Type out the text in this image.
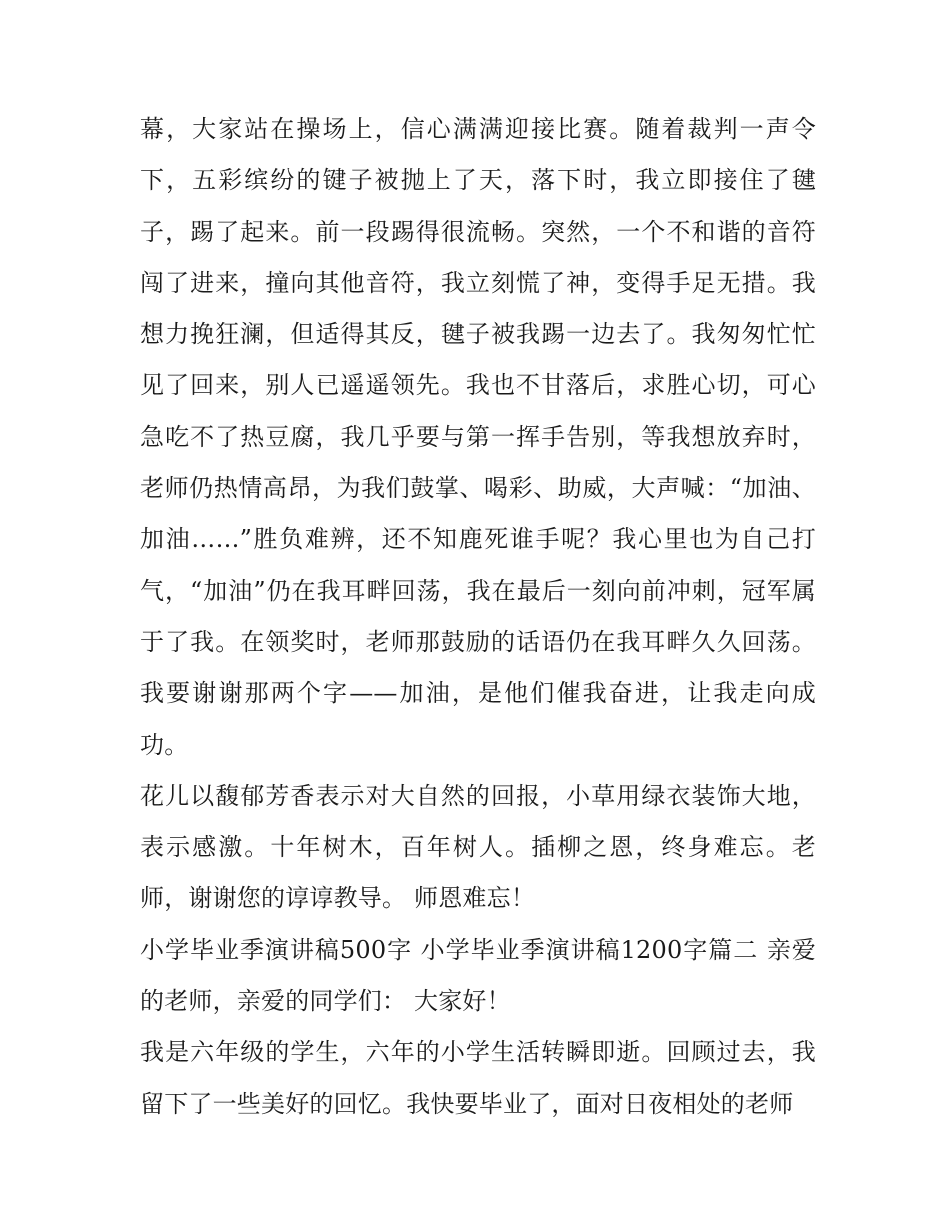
幕，大家站在操场上，信心满满迎接比赛。随着裁判一声令下，五彩缤纷的键子被抛上了天，落下时，我立即接住了毽子，踢了起来。前一段踢得很流畅。突然，一个不和谐的音符闯了进来，撞向其他音符，我立刻慌了神，变得手足无措。我想力挽狂澜，但适得其反，毽子被我踢一边去了。我匆匆忙忙见了回来，别人已遥遥领先。我也不甘落后，求胜心切，可心急吃不了热豆腐，我几乎要与第一挥手告别，等我想放弃时，老师仍热情高昂，为我们鼓掌、喝彩、助威，大声喊：“加油、加油……”胜负难辨，还不知鹿死谁手呢？我心里也为自己打气，“加油”仍在我耳畔回荡，我在最后一刻向前冲刺，冠军属于了我。在领奖时，老师那鼓励的话语仍在我耳畔久久回荡。我要谢谢那两个字——加油，是他们催我奋进，让我走向成功。

花儿以馥郁芳香表示对大自然的回报，小草用绿衣装饰大地，表示感激。十年树木，百年树人。插柳之恩，终身难忘。老师，谢谢您的谆谆教导。 师恩难忘！

小学毕业季演讲稿500字 小学毕业季演讲稿1200字篇二 亲爱的老师，亲爱的同学们： 大家好！

我是六年级的学生，六年的小学生活转瞬即逝。回顾过去，我留下了一些美好的回忆。我快要毕业了，面对日夜相处的老师
